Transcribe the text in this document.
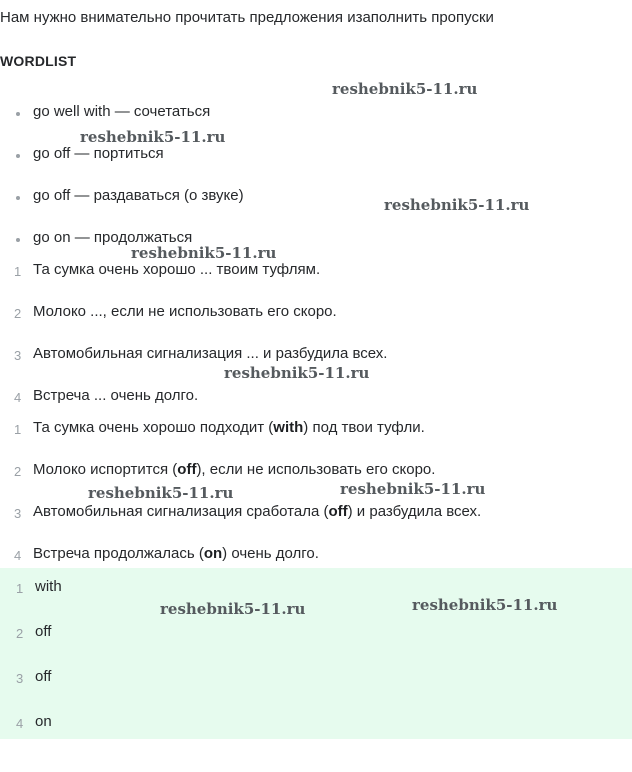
Нам нужно внимательно прочитать предложения изаполнить пропуски
WORDLIST
go well with — сочетаться
go off — портиться
go off — раздаваться (о звуке)
go on — продолжаться
1 Та сумка очень хорошо ... твоим туфлям.
2 Молоко ..., если не использовать его скоро.
3 Автомобильная сигнализация ... и разбудила всех.
4 Встреча ... очень долго.
1 Та сумка очень хорошо подходит (with) под твои туфли.
2 Молоко испортится (off), если не использовать его скоро.
3 Автомобильная сигнализация сработала (off) и разбудила всех.
4 Встреча продолжалась (on) очень долго.
1 with
2 off
3 off
4 on
reshebnik5-11.ru
reshebnik5-11.ru
reshebnik5-11.ru
reshebnik5-11.ru
reshebnik5-11.ru
reshebnik5-11.ru	reshebnik5-11.ru
reshebnik5-11.ru	reshebnik5-11.ru
